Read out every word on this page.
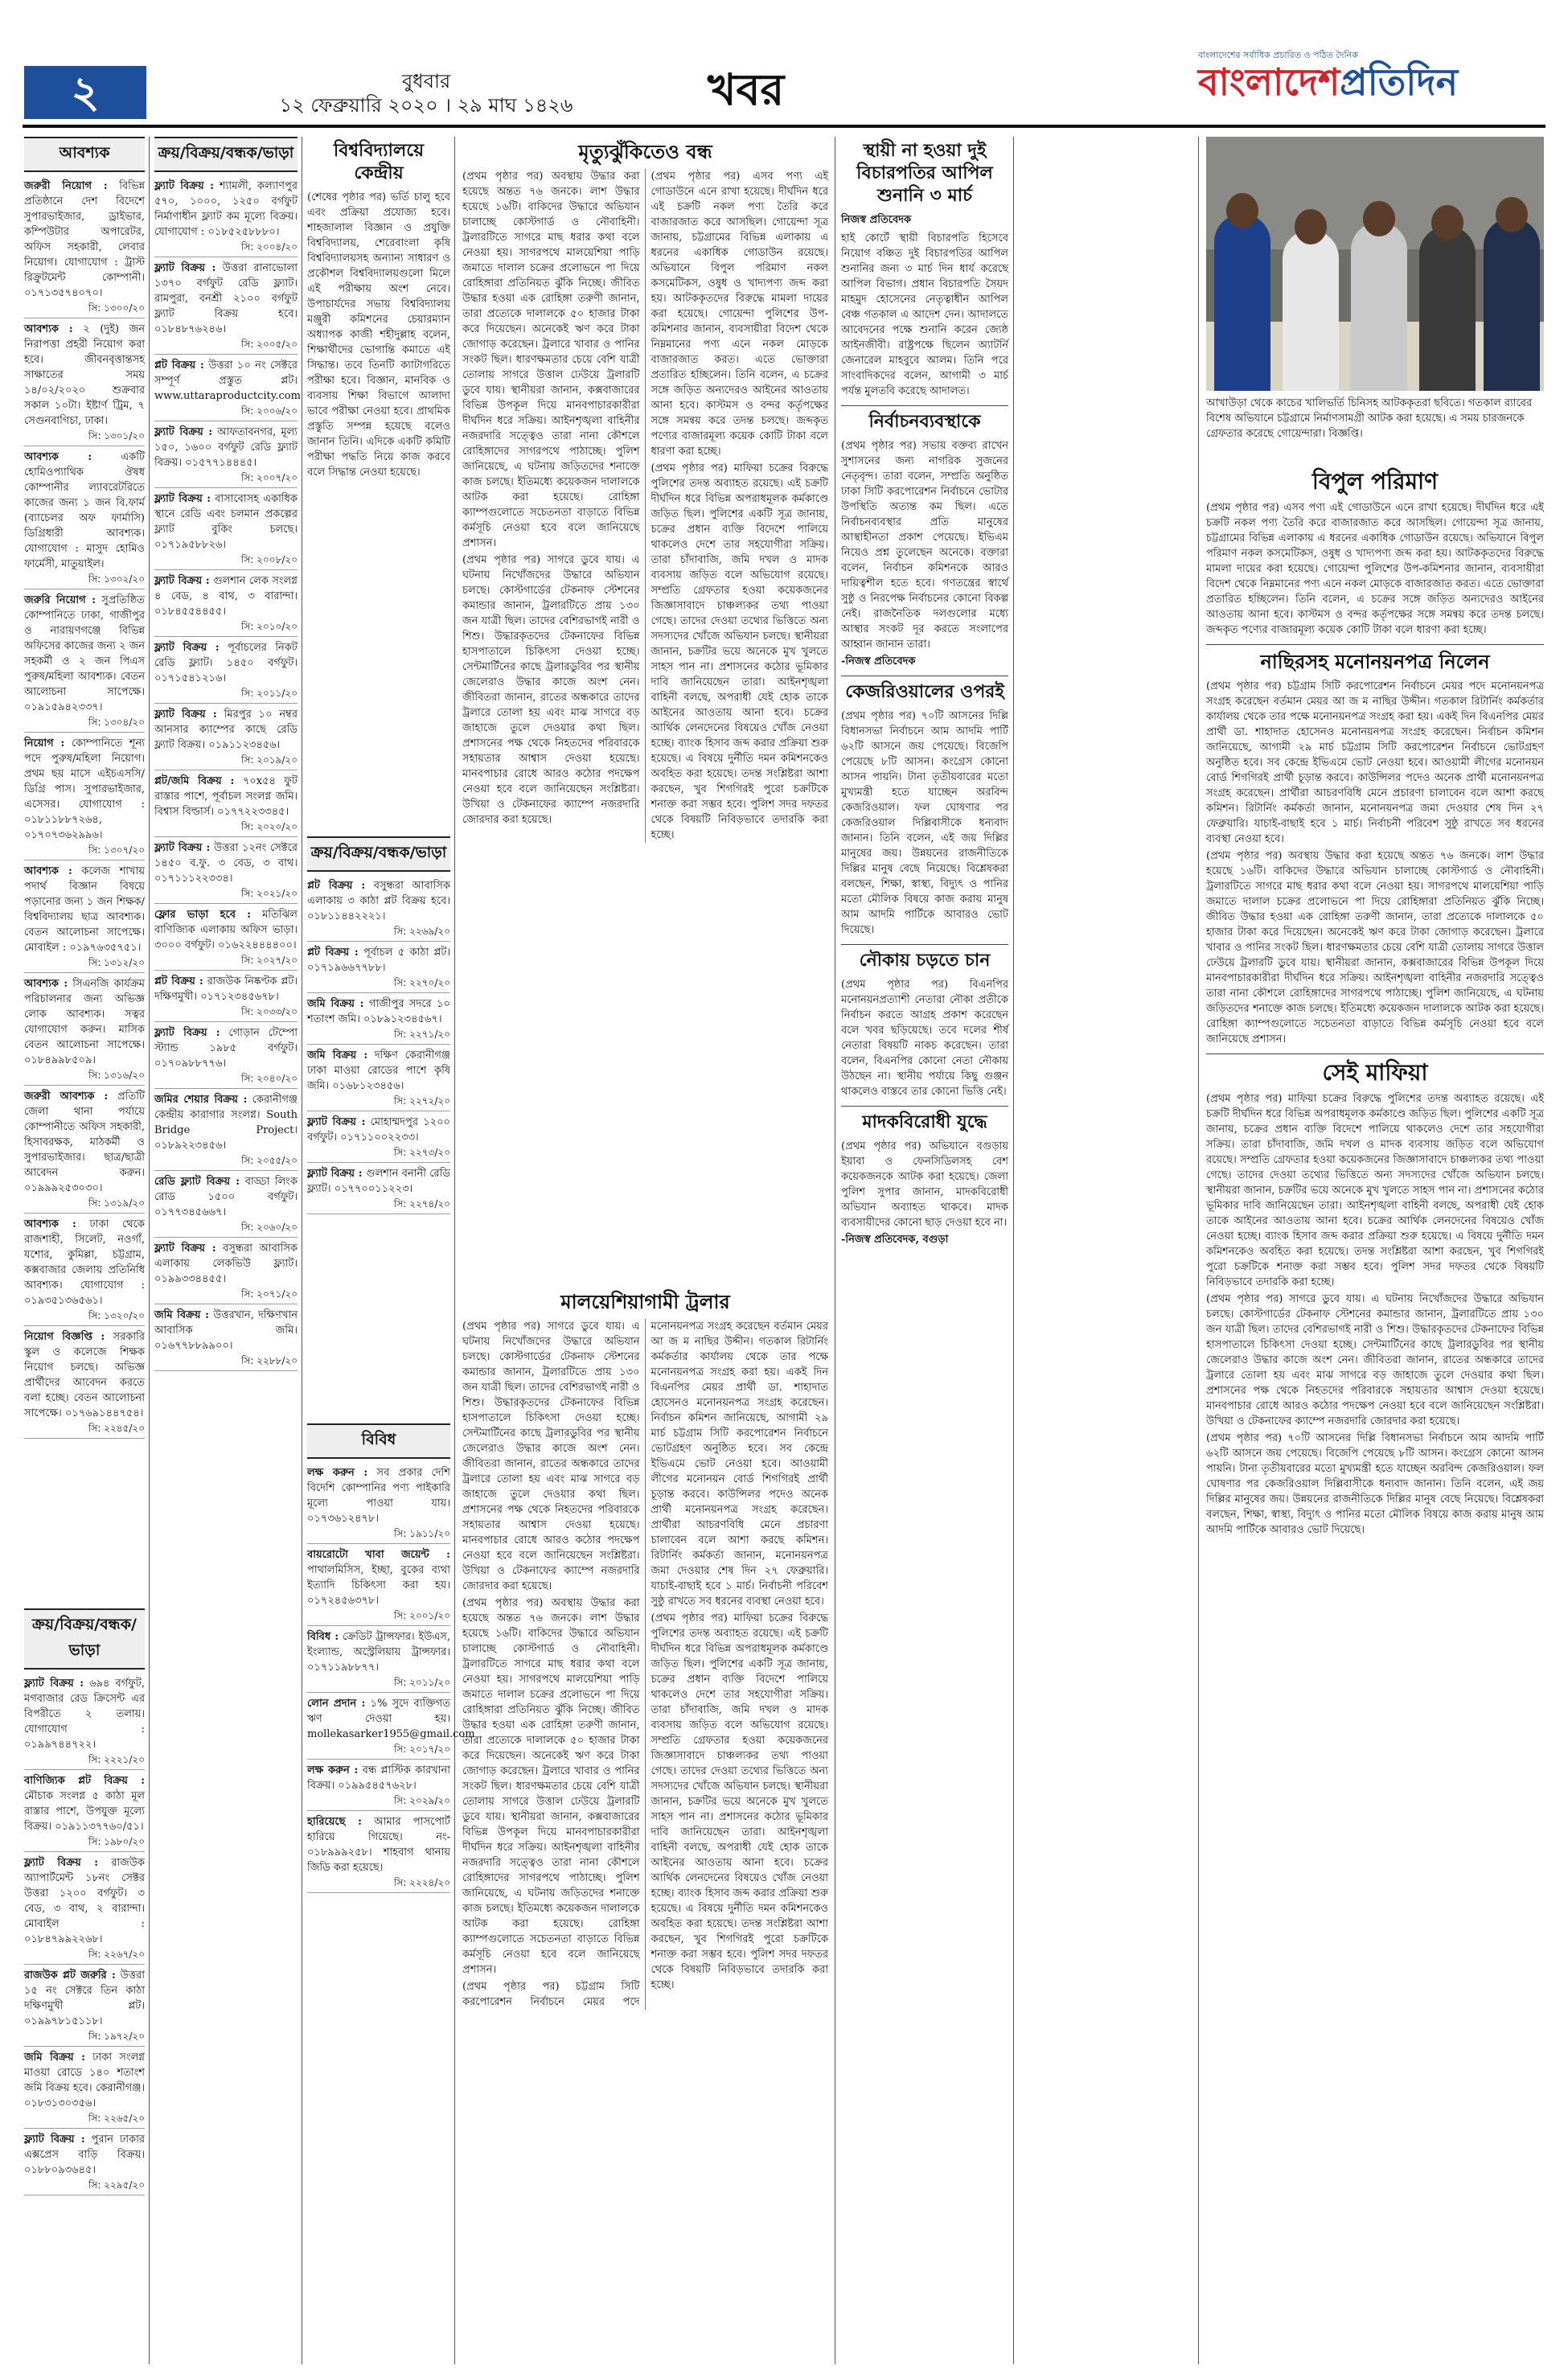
২	বুধবার
১২ ফেব্রুয়ারি ২০২০ । ২৯ মাঘ ১৪২৬	খবর
বাংলাদেশের সর্বাধিক প্রচারিত ও পঠিত দৈনিক
বাংলাদেশপ্রতিদিন
আবশ্যক
জরুরী নিয়োগ : বিভিন্ন প্রতিষ্ঠানে দেশ বিদেশে সুপারভাইজার, ড্রাইভার, কম্পিউটার অপারেটর, অফিস সহকারী, লেবার নিয়োগ। যোগাযোগ : ট্রাস্ট রিক্রুটমেন্ট কোম্পানী। ০১৭১৩৫৭৪০৭০।
সি: ১৩০০/২০
আবশ্যক : ২ (দুই) জন নিরাপত্তা প্রহরী নিয়োগ করা হবে। জীবনবৃত্তান্তসহ সাক্ষাতের সময় ১৪/০২/২০২০ শুক্রবার সকাল ১০টা। ইষ্টার্ণ ট্রিম, ৭ সেগুনবাগিচা, ঢাকা।
সি: ১৩০১/২০
আবশ্যক :	একটি হোমিওপ্যাথিক ঔষধ কোম্পানীর ল্যাবরেটরিতে কাজের জন্য ১ জন বি.ফার্ম (ব্যাচেলর অফ ফার্মাসি) ডিগ্রিধারী আবশ্যক। যোগাযোগ : মাসুদ হোমিও ফার্মেসী, মাতুয়াইল।
সি: ১৩০২/২০
জরুরি নিয়োগ : সুপ্রতিষ্ঠিত কোম্পানিতে ঢাকা, গাজীপুর ও নারায়ণগঞ্জে বিভিন্ন অফিসের কাজের জন্য ২ জন সহকর্মী ও ২ জন পিএস পুরুষ/মহিলা আবশ্যক। বেতন আলোচনা সাপেক্ষে। ০১৯১৫৯৪২৩৩৭।
সি: ১৩০৪/২০
নিয়োগ : কোম্পানিতে শূন্য পদে পুরুষ/মহিলা নিয়োগ। প্রথম ছয় মাসে এইচএসসি/ডিগ্রি পাস। সুপারভাইজার, এসেসর। যোগাযোগ : ০১৮১১৮৮৭২৬৪, ০১৭০৭৩৬২৯৯৬।
সি: ১৩০৭/২০
আবশ্যক : কলেজ শাখায় পদার্থ বিজ্ঞান বিষয়ে পড়ানোর জন্য ১ জন শিক্ষক/বিশ্ববিদ্যালয় ছাত্র আবশ্যক। বেতন আলোচনা সাপেক্ষে। মোবাইল : ০১৯৭৬৩৫৭৫১।
সি: ১৩১২/২০
আবশ্যক : সিএনজি কার্যক্রম পরিচালনার জন্য অভিজ্ঞ লোক আবশ্যক। সত্বর যোগাযোগ করুন। মাসিক বেতন আলোচনা সাপেক্ষে। ০১৮৪৯৯৮৫০৯।
সি: ১৩১৬/২০
জরুরী আবশ্যক : প্রতিটি জেলা থানা পর্যায়ে কোম্পানীতে অফিস সহকারী, হিসাবরক্ষক, মাঠকর্মী ও সুপারভাইজার। ছাত্র/ছাত্রী আবেদন করুন। ০১৯৯৯২৫৩০৩০।
সি: ১৩১৯/২০
আবশ্যক : ঢাকা থেকে রাজশাহী, সিলেট, নওগাঁ, যশোর, কুমিল্লা, চট্টগ্রাম, কক্সবাজার জেলায় প্রতিনিধি আবশ্যক। যোগাযোগ : ০১৯৩৫১৩৬৫৬১।
সি: ১৩২০/২০
নিয়োগ বিজ্ঞপ্তি : সরকারি স্কুল ও কলেজে শিক্ষক নিয়োগ চলছে। অভিজ্ঞ প্রার্থীদের আবেদন করতে বলা হচ্ছে। বেতন আলোচনা সাপেক্ষে। ০১৭৬৯১৪৪৭৫৪।
সি: ২২৪৫/২০
ক্রয়/বিক্রয়/বন্ধক/ভাড়া
ফ্ল্যাট বিক্রয় : ৬৯৪ বর্গফুট, মগবাজার রেড ক্রিসেন্ট এর বিপরীতে ২ তলায়। যোগাযোগ : ০১৯৯৭৪৪৭২২।
সি: ২২২১/২০
বাণিজ্যিক প্লট বিক্রয় : মৌচাক সংলগ্ন ৫ কাঠা মূল রাস্তার পাশে, উপযুক্ত মূল্যে বিক্রয়। ০১৯১১৩৭৭৬০/৫১।
সি: ১৯৮০/২০
ফ্ল্যাট বিক্রয় : রাজউক অ্যাপার্টমেন্ট ১৮নং সেক্টর উত্তরা ১২০০ বর্গফুট। ৩ বেড, ৩ বাথ, ২ বারান্দা। মোবাইল : ০১৮৪৭৯৯২২৬৮।
সি: ২২৬৭/২০
রাজউক প্লট জরুরি : উত্তরা ১৫ নং সেক্টরে তিন কাঠা দক্ষিণমুখী প্লট। ০১৯৯৭৮১৫১১৮।
সি: ১৯৭২/২০
জমি বিক্রয় : ঢাকা সংলগ্ন মাওয়া রোডে ১৪০ শতাংশ জমি বিক্রয় হবে। কেরানীগঞ্জ। ০১৮৩১৩০৩৫৬।
সি: ২২৬৫/২০
ফ্ল্যাট বিক্রয় : পুরান ঢাকার এক্সপ্রেস বাড়ি বিক্রয়। ০১৮৮০৯৩৬৪৫।
সি: ২২৯৫/২০
ক্রয়/বিক্রয়/বন্ধক/ভাড়া
ফ্ল্যাট বিক্রয় : শ্যামলী, কল্যাণপুর ৫৭০, ১০০০, ১২৫০ বর্গফুট নির্মাণাধীন ফ্ল্যাট কম মূল্যে বিক্রয়। যোগাযোগ : ০১৮৫২৫৮৮৮০।
সি: ২০০৪/২০
ফ্ল্যাট বিক্রয় : উত্তরা রানাভোলা ১৩৭০ বর্গফুট রেডি ফ্ল্যাট। রামপুরা, বনশ্রী ২১০০ বর্গফুট ফ্ল্যাট বিক্রয় হবে। ০১৮৪৮৭৬২৪৬।
সি: ২০০৫/২০
প্লট বিক্রয় : উত্তরা ১০ নং সেক্টরে সম্পূর্ণ প্রস্তুত প্লট। www.uttaraproductcity.com
সি: ২০০৬/২০
ফ্ল্যাট বিক্রয় : আফতাবনগর, মূল্য ১৫০, ১৬০০ বর্গফুট রেডি ফ্ল্যাট বিক্রয়। ০১৫৭৭১৪৪৪৫।
সি: ২০০৭/২০
ফ্ল্যাট বিক্রয় : বাসাবোসহ একাধিক স্থানে রেডি এবং চলমান প্রকল্পের ফ্ল্যাট বুকিং চলছে। ০১৭১৯৫৮৮২৬।
সি: ২০০৮/২০
ফ্ল্যাট বিক্রয় : গুলশান লেক সংলগ্ন ৪ বেড, ৪ বাথ, ৩ বারান্দা। ০১৮৪৫৫৪৪৫৫।
সি: ২০১০/২০
ফ্ল্যাট বিক্রয় : পূর্বাচলের নিকট রেডি ফ্ল্যাট। ১৪৫০ বর্গফুট। ০১৭১৫৪১২১৬।
সি: ২০১১/২০
ফ্ল্যাট বিক্রয় : মিরপুর ১০ নম্বর আনসার ক্যাম্পের কাছে রেডি ফ্ল্যাট বিক্রয়। ০১৯১১২৩৪৫৬।
সি: ২০১৯/২০
প্লট/জমি বিক্রয় : ৭০x৫৪ ফুট রাস্তার পাশে, পূর্বাচল সংলগ্ন জমি। বিশ্বাস বিল্ডার্স। ০১৭৭২২৩৩৪৫।
সি: ২০২০/২০
ফ্ল্যাট বিক্রয় : উত্তরা ১২নং সেক্টরে ১৪৫০ ব.ফু. ৩ বেড, ৩ বাথ। ০১৭১১১২২৩৩৪।
সি: ২০২১/২০
ফ্লোর ভাড়া হবে : মতিঝিল বাণিজ্যিক এলাকায় অফিস ভাড়া। ৩০০০ বর্গফুট। ০১৬২২৪৪৪৪০০।
সি: ২০২৭/২০
প্লট বিক্রয় : রাজউক নিষ্কণ্টক প্লট। দক্ষিণমুখী। ০১৭১২৩৪৫৬৭৮।
সি: ২০৩৩/২০
ফ্ল্যাট বিক্রয় : গোড়ান টেম্পো স্ট্যান্ড ১৯৮৫ বর্গফুট। ০১৭০৯৮৮৭৭৬।
সি: ২০৪০/২০
জমির শেয়ার বিক্রয় : কেরানীগঞ্জ কেন্দ্রীয় কারাগার সংলগ্ন। South Bridge Project। ০১৮৯২২৩৪৫৬।
সি: ২০৫৫/২০
রেডি ফ্ল্যাট বিক্রয় : বাড্ডা লিংক রোড ১৫০০ বর্গফুট। ০১৭৭৩৪৫৬৬৭।
সি: ২০৬০/২০
ফ্ল্যাট বিক্রয় : বসুন্ধরা আবাসিক এলাকায় লেকভিউ ফ্ল্যাট। ০১৯৯৩৩৪৪৫৫।
সি: ২০৭১/২০
জমি বিক্রয় : উত্তরখান, দক্ষিণখান আবাসিক জমি। ০১৬৭৭৮৮৯৯০০।
সি: ২২৮৮/২০
বিশ্ববিদ্যালয়ে কেন্দ্রীয়

(শেষের পৃষ্ঠার পর) ভর্তি চালু হবে এবং প্রক্রিয়া প্রযোজ্য হবে। শাহজালাল বিজ্ঞান ও প্রযুক্তি বিশ্ববিদ্যালয়, শেরেবাংলা কৃষি বিশ্ববিদ্যালয়সহ অন্যান্য সাধারণ ও প্রকৌশল বিশ্ববিদ্যালয়গুলো মিলে এই পরীক্ষায় অংশ নেবে। উপাচার্যদের সভায় বিশ্ববিদ্যালয় মঞ্জুরী কমিশনের চেয়ারম্যান অধ্যাপক কাজী শহীদুল্লাহ বলেন, শিক্ষার্থীদের ভোগান্তি কমাতে এই সিদ্ধান্ত। তবে তিনটি ক্যাটাগরিতে পরীক্ষা হবে। বিজ্ঞান, মানবিক ও ব্যবসায় শিক্ষা বিভাগে আলাদা ভাবে পরীক্ষা নেওয়া হবে। প্রাথমিক প্রস্তুতি সম্পন্ন হয়েছে বলেও জানান তিনি। এদিকে একটি কমিটি পরীক্ষা পদ্ধতি নিয়ে কাজ করবে বলে সিদ্ধান্ত নেওয়া হয়েছে।

ক্রয়/বিক্রয়/বন্ধক/ভাড়া
প্লট বিক্রয় : বসুন্ধরা আবাসিক এলাকায় ৩ কাঠা প্লট বিক্রয় হবে। ০১৮১১৪৪২২২১।
সি: ২২৬৯/২০
প্লট বিক্রয় : পূর্বাচল ৫ কাঠা প্লট। ০১৭১৯৬৬৭৭৮৮।
সি: ২২৭০/২০
জমি বিক্রয় : গাজীপুর সদরে ১০ শতাংশ জমি। ০১৮৯১২৩৪৫৬৭।
সি: ২২৭১/২০
জমি বিক্রয় : দক্ষিণ কেরানীগঞ্জ ঢাকা মাওয়া রোডের পাশে কৃষি জমি। ০১৬৮১২৩৪৫৬।
সি: ২২৭২/২০
ফ্ল্যাট বিক্রয় : মোহাম্মদপুর ১২০০ বর্গফুট। ০১৭১১০০২২৩৩।
সি: ২২৭৩/২০
ফ্ল্যাট বিক্রয় : গুলশান বনানী রেডি ফ্ল্যাট। ০১৭৭০০১১২২৩।
সি: ২২৭৪/২০
বিবিধ
লক্ষ করুন : সব প্রকার দেশি বিদেশি কোম্পানির পণ্য পাইকারি মূল্যে পাওয়া যায়। ০১৭৩৬১২৪৭৮।
সি: ১৯১১/২০
বায়রোটো খাবা জয়েন্ট : পাথালমিসিস, ইচ্ছা, বুকের ব্যথা ইত্যাদি চিকিৎসা করা হয়। ০১৭২৪৫৬৩৭৮।
সি: ২০০১/২০
বিবিধ : ক্রেডিট ট্রান্সফার। ইউএস, ইংল্যান্ড, অস্ট্রেলিয়ায় ট্রান্সফার। ০১৭১১৯৮৮৭৭।
সি: ২০১১/২০
লোন প্রদান : ১% সুদে ব্যক্তিগত ঋণ দেওয়া হয়। mollekasarker1955@gmail.com
সি: ২০১৭/২০
লক্ষ করুন : বন্ধ প্লাস্টিক কারখানা বিক্রয়। ০১৯৯৫৪৫৭৬২৮।
সি: ২০২৯/২০
হারিয়েছে : আমার পাসপোর্ট হারিয়ে গিয়েছে। নং- ০১৮৯৯৯২৫৮। শাহবাগ থানায় জিডি করা হয়েছে।
সি: ২২২৪/২০
মৃত্যুঝুঁকিতেও বন্ধ

(প্রথম পৃষ্ঠার পর) অবস্থায় উদ্ধার করা হয়েছে অন্তত ৭৬ জনকে। লাশ উদ্ধার হয়েছে ১৬টি। বাকিদের উদ্ধারে অভিযান চালাচ্ছে কোস্টগার্ড ও নৌবাহিনী। ট্রলারটিতে সাগরে মাছ ধরার কথা বলে নেওয়া হয়। সাগরপথে মালয়েশিয়া পাড়ি জমাতে দালাল চক্রের প্রলোভনে পা দিয়ে রোহিঙ্গারা প্রতিনিয়ত ঝুঁকি নিচ্ছে। জীবিত উদ্ধার হওয়া এক রোহিঙ্গা তরুণী জানান, তারা প্রত্যেকে দালালকে ৫০ হাজার টাকা করে দিয়েছেন। অনেকেই ঋণ করে টাকা জোগাড় করেছেন। ট্রলারে খাবার ও পানির সংকট ছিল। ধারণক্ষমতার চেয়ে বেশি যাত্রী তোলায় সাগরে উত্তাল ঢেউয়ে ট্রলারটি ডুবে যায়। স্থানীয়রা জানান, কক্সবাজারের বিভিন্ন উপকূল দিয়ে মানবপাচারকারীরা দীর্ঘদিন ধরে সক্রিয়। আইনশৃঙ্খলা বাহিনীর নজরদারি সত্ত্বেও তারা নানা কৌশলে রোহিঙ্গাদের সাগরপথে পাঠাচ্ছে। পুলিশ জানিয়েছে, এ ঘটনায় জড়িতদের শনাক্তে কাজ চলছে। ইতিমধ্যে কয়েকজন দালালকে আটক করা হয়েছে। রোহিঙ্গা ক্যাম্পগুলোতে সচেতনতা বাড়াতে বিভিন্ন কর্মসূচি নেওয়া হবে বলে জানিয়েছে প্রশাসন।

(প্রথম পৃষ্ঠার পর) সাগরে ডুবে যায়। এ ঘটনায় নিখোঁজদের উদ্ধারে অভিযান চলছে। কোস্টগার্ডের টেকনাফ স্টেশনের কমান্ডার জানান, ট্রলারটিতে প্রায় ১৩০ জন যাত্রী ছিল। তাদের বেশিরভাগই নারী ও শিশু। উদ্ধারকৃতদের টেকনাফের বিভিন্ন হাসপাতালে চিকিৎসা দেওয়া হচ্ছে। সেন্টমার্টিনের কাছে ট্রলারডুবির পর স্থানীয় জেলেরাও উদ্ধার কাজে অংশ নেন। জীবিতরা জানান, রাতের অন্ধকারে তাদের ট্রলারে তোলা হয় এবং মাঝ সাগরে বড় জাহাজে তুলে দেওয়ার কথা ছিল। প্রশাসনের পক্ষ থেকে নিহতদের পরিবারকে সহায়তার আশ্বাস দেওয়া হয়েছে। মানবপাচার রোধে আরও কঠোর পদক্ষেপ নেওয়া হবে বলে জানিয়েছেন সংশ্লিষ্টরা। উখিয়া ও টেকনাফের ক্যাম্পে নজরদারি জোরদার করা হয়েছে।

(প্রথম পৃষ্ঠার পর) এসব পণ্য এই গোডাউনে এনে রাখা হয়েছে। দীর্ঘদিন ধরে এই চক্রটি নকল পণ্য তৈরি করে বাজারজাত করে আসছিল। গোয়েন্দা সূত্র জানায়, চট্টগ্রামের বিভিন্ন এলাকায় এ ধরনের একাধিক গোডাউন রয়েছে। অভিযানে বিপুল পরিমাণ নকল কসমেটিকস, ওষুধ ও খাদ্যপণ্য জব্দ করা হয়। আটককৃতদের বিরুদ্ধে মামলা দায়ের করা হয়েছে। গোয়েন্দা পুলিশের উপ-কমিশনার জানান, ব্যবসায়ীরা বিদেশ থেকে নিম্নমানের পণ্য এনে নকল মোড়কে বাজারজাত করত। এতে ভোক্তারা প্রতারিত হচ্ছিলেন। তিনি বলেন, এ চক্রের সঙ্গে জড়িত অন্যদেরও আইনের আওতায় আনা হবে। কাস্টমস ও বন্দর কর্তৃপক্ষের সঙ্গে সমন্বয় করে তদন্ত চলছে। জব্দকৃত পণ্যের বাজারমূল্য কয়েক কোটি টাকা বলে ধারণা করা হচ্ছে।

(প্রথম পৃষ্ঠার পর) মাফিয়া চক্রের বিরুদ্ধে পুলিশের তদন্ত অব্যাহত রয়েছে। এই চক্রটি দীর্ঘদিন ধরে বিভিন্ন অপরাধমূলক কর্মকাণ্ডে জড়িত ছিল। পুলিশের একটি সূত্র জানায়, চক্রের প্রধান ব্যক্তি বিদেশে পালিয়ে থাকলেও দেশে তার সহযোগীরা সক্রিয়। তারা চাঁদাবাজি, জমি দখল ও মাদক ব্যবসায় জড়িত বলে অভিযোগ রয়েছে। সম্প্রতি গ্রেফতার হওয়া কয়েকজনের জিজ্ঞাসাবাদে চাঞ্চল্যকর তথ্য পাওয়া গেছে। তাদের দেওয়া তথ্যের ভিত্তিতে অন্য সদস্যদের খোঁজে অভিযান চলছে। স্থানীয়রা জানান, চক্রটির ভয়ে অনেকে মুখ খুলতে সাহস পান না। প্রশাসনের কঠোর ভূমিকার দাবি জানিয়েছেন তারা। আইনশৃঙ্খলা বাহিনী বলছে, অপরাধী যেই হোক তাকে আইনের আওতায় আনা হবে। চক্রের আর্থিক লেনদেনের বিষয়েও খোঁজ নেওয়া হচ্ছে। ব্যাংক হিসাব জব্দ করার প্রক্রিয়া শুরু হয়েছে। এ বিষয়ে দুর্নীতি দমন কমিশনকেও অবহিত করা হয়েছে। তদন্ত সংশ্লিষ্টরা আশা করছেন, খুব শিগগিরই পুরো চক্রটিকে শনাক্ত করা সম্ভব হবে। পুলিশ সদর দফতর থেকে বিষয়টি নিবিড়ভাবে তদারকি করা হচ্ছে।

মালয়েশিয়াগামী ট্রলার

(প্রথম পৃষ্ঠার পর) সাগরে ডুবে যায়। এ ঘটনায় নিখোঁজদের উদ্ধারে অভিযান চলছে। কোস্টগার্ডের টেকনাফ স্টেশনের কমান্ডার জানান, ট্রলারটিতে প্রায় ১৩০ জন যাত্রী ছিল। তাদের বেশিরভাগই নারী ও শিশু। উদ্ধারকৃতদের টেকনাফের বিভিন্ন হাসপাতালে চিকিৎসা দেওয়া হচ্ছে। সেন্টমার্টিনের কাছে ট্রলারডুবির পর স্থানীয় জেলেরাও উদ্ধার কাজে অংশ নেন। জীবিতরা জানান, রাতের অন্ধকারে তাদের ট্রলারে তোলা হয় এবং মাঝ সাগরে বড় জাহাজে তুলে দেওয়ার কথা ছিল। প্রশাসনের পক্ষ থেকে নিহতদের পরিবারকে সহায়তার আশ্বাস দেওয়া হয়েছে। মানবপাচার রোধে আরও কঠোর পদক্ষেপ নেওয়া হবে বলে জানিয়েছেন সংশ্লিষ্টরা। উখিয়া ও টেকনাফের ক্যাম্পে নজরদারি জোরদার করা হয়েছে।

(প্রথম পৃষ্ঠার পর) অবস্থায় উদ্ধার করা হয়েছে অন্তত ৭৬ জনকে। লাশ উদ্ধার হয়েছে ১৬টি। বাকিদের উদ্ধারে অভিযান চালাচ্ছে কোস্টগার্ড ও নৌবাহিনী। ট্রলারটিতে সাগরে মাছ ধরার কথা বলে নেওয়া হয়। সাগরপথে মালয়েশিয়া পাড়ি জমাতে দালাল চক্রের প্রলোভনে পা দিয়ে রোহিঙ্গারা প্রতিনিয়ত ঝুঁকি নিচ্ছে। জীবিত উদ্ধার হওয়া এক রোহিঙ্গা তরুণী জানান, তারা প্রত্যেকে দালালকে ৫০ হাজার টাকা করে দিয়েছেন। অনেকেই ঋণ করে টাকা জোগাড় করেছেন। ট্রলারে খাবার ও পানির সংকট ছিল। ধারণক্ষমতার চেয়ে বেশি যাত্রী তোলায় সাগরে উত্তাল ঢেউয়ে ট্রলারটি ডুবে যায়। স্থানীয়রা জানান, কক্সবাজারের বিভিন্ন উপকূল দিয়ে মানবপাচারকারীরা দীর্ঘদিন ধরে সক্রিয়। আইনশৃঙ্খলা বাহিনীর নজরদারি সত্ত্বেও তারা নানা কৌশলে রোহিঙ্গাদের সাগরপথে পাঠাচ্ছে। পুলিশ জানিয়েছে, এ ঘটনায় জড়িতদের শনাক্তে কাজ চলছে। ইতিমধ্যে কয়েকজন দালালকে আটক করা হয়েছে। রোহিঙ্গা ক্যাম্পগুলোতে সচেতনতা বাড়াতে বিভিন্ন কর্মসূচি নেওয়া হবে বলে জানিয়েছে প্রশাসন।

(প্রথম পৃষ্ঠার পর) চট্টগ্রাম সিটি করপোরেশন নির্বাচনে মেয়র পদে মনোনয়নপত্র সংগ্রহ করেছেন বর্তমান মেয়র আ জ ম নাছির উদ্দীন। গতকাল রিটার্নিং কর্মকর্তার কার্যালয় থেকে তার পক্ষে মনোনয়নপত্র সংগ্রহ করা হয়। একই দিন বিএনপির মেয়র প্রার্থী ডা. শাহাদাত হোসেনও মনোনয়নপত্র সংগ্রহ করেছেন। নির্বাচন কমিশন জানিয়েছে, আগামী ২৯ মার্চ চট্টগ্রাম সিটি করপোরেশন নির্বাচনে ভোটগ্রহণ অনুষ্ঠিত হবে। সব কেন্দ্রে ইভিএমে ভোট নেওয়া হবে। আওয়ামী লীগের মনোনয়ন বোর্ড শিগগিরই প্রার্থী চূড়ান্ত করবে। কাউন্সিলর পদেও অনেক প্রার্থী মনোনয়নপত্র সংগ্রহ করেছেন। প্রার্থীরা আচরণবিধি মেনে প্রচারণা চালাবেন বলে আশা করছে কমিশন। রিটার্নিং কর্মকর্তা জানান, মনোনয়নপত্র জমা দেওয়ার শেষ দিন ২৭ ফেব্রুয়ারি। যাচাই-বাছাই হবে ১ মার্চ। নির্বাচনী পরিবেশ সুষ্ঠু রাখতে সব ধরনের ব্যবস্থা নেওয়া হবে।

(প্রথম পৃষ্ঠার পর) মাফিয়া চক্রের বিরুদ্ধে পুলিশের তদন্ত অব্যাহত রয়েছে। এই চক্রটি দীর্ঘদিন ধরে বিভিন্ন অপরাধমূলক কর্মকাণ্ডে জড়িত ছিল। পুলিশের একটি সূত্র জানায়, চক্রের প্রধান ব্যক্তি বিদেশে পালিয়ে থাকলেও দেশে তার সহযোগীরা সক্রিয়। তারা চাঁদাবাজি, জমি দখল ও মাদক ব্যবসায় জড়িত বলে অভিযোগ রয়েছে। সম্প্রতি গ্রেফতার হওয়া কয়েকজনের জিজ্ঞাসাবাদে চাঞ্চল্যকর তথ্য পাওয়া গেছে। তাদের দেওয়া তথ্যের ভিত্তিতে অন্য সদস্যদের খোঁজে অভিযান চলছে। স্থানীয়রা জানান, চক্রটির ভয়ে অনেকে মুখ খুলতে সাহস পান না। প্রশাসনের কঠোর ভূমিকার দাবি জানিয়েছেন তারা। আইনশৃঙ্খলা বাহিনী বলছে, অপরাধী যেই হোক তাকে আইনের আওতায় আনা হবে। চক্রের আর্থিক লেনদেনের বিষয়েও খোঁজ নেওয়া হচ্ছে। ব্যাংক হিসাব জব্দ করার প্রক্রিয়া শুরু হয়েছে। এ বিষয়ে দুর্নীতি দমন কমিশনকেও অবহিত করা হয়েছে। তদন্ত সংশ্লিষ্টরা আশা করছেন, খুব শিগগিরই পুরো চক্রটিকে শনাক্ত করা সম্ভব হবে। পুলিশ সদর দফতর থেকে বিষয়টি নিবিড়ভাবে তদারকি করা হচ্ছে।

স্থায়ী না হওয়া দুই বিচারপতির আপিল শুনানি ৩ মার্চ
নিজস্ব প্রতিবেদক

হাই কোর্টে স্থায়ী বিচারপতি হিসেবে নিয়োগ বঞ্চিত দুই বিচারপতির আপিল শুনানির জন্য ৩ মার্চ দিন ধার্য করেছে আপিল বিভাগ। প্রধান বিচারপতি সৈয়দ মাহমুদ হোসেনের নেতৃত্বাধীন আপিল বেঞ্চ গতকাল এ আদেশ দেন। আদালতে আবেদনের পক্ষে শুনানি করেন জ্যেষ্ঠ আইনজীবী। রাষ্ট্রপক্ষে ছিলেন অ্যাটর্নি জেনারেল মাহবুবে আলম। তিনি পরে সাংবাদিকদের বলেন, আগামী ৩ মার্চ পর্যন্ত মুলতবি করেছে আদালত।

নির্বাচনব্যবস্থাকে

(প্রথম পৃষ্ঠার পর) সভায় বক্তব্য রাখেন সুশাসনের জন্য নাগরিক সুজনের নেতৃবৃন্দ। তারা বলেন, সম্প্রতি অনুষ্ঠিত ঢাকা সিটি করপোরেশন নির্বাচনে ভোটার উপস্থিতি অত্যন্ত কম ছিল। এতে নির্বাচনব্যবস্থার প্রতি মানুষের আস্থাহীনতা প্রকাশ পেয়েছে। ইভিএম নিয়েও প্রশ্ন তুলেছেন অনেকে। বক্তারা বলেন, নির্বাচন কমিশনকে আরও দায়িত্বশীল হতে হবে। গণতন্ত্রের স্বার্থে সুষ্ঠু ও নিরপেক্ষ নির্বাচনের কোনো বিকল্প নেই। রাজনৈতিক দলগুলোর মধ্যে আস্থার সংকট দূর করতে সংলাপের আহ্বান জানান তারা।

-নিজস্ব প্রতিবেদক

কেজরিওয়ালের ওপরই

(প্রথম পৃষ্ঠার পর) ৭০টি আসনের দিল্লি বিধানসভা নির্বাচনে আম আদমি পার্টি ৬২টি আসনে জয় পেয়েছে। বিজেপি পেয়েছে ৮টি আসন। কংগ্রেস কোনো আসন পায়নি। টানা তৃতীয়বারের মতো মুখ্যমন্ত্রী হতে যাচ্ছেন অরবিন্দ কেজরিওয়াল। ফল ঘোষণার পর কেজরিওয়াল দিল্লিবাসীকে ধন্যবাদ জানান। তিনি বলেন, এই জয় দিল্লির মানুষের জয়। উন্নয়নের রাজনীতিকে দিল্লির মানুষ বেছে নিয়েছে। বিশ্লেষকরা বলছেন, শিক্ষা, স্বাস্থ্য, বিদ্যুৎ ও পানির মতো মৌলিক বিষয়ে কাজ করায় মানুষ আম আদমি পার্টিকে আবারও ভোট দিয়েছে।

নৌকায় চড়তে চান

(প্রথম পৃষ্ঠার পর) বিএনপির মনোনয়নপ্রত্যাশী নেতারা নৌকা প্রতীকে নির্বাচন করতে আগ্রহ প্রকাশ করেছেন বলে খবর ছড়িয়েছে। তবে দলের শীর্ষ নেতারা বিষয়টি নাকচ করেছেন। তারা বলেন, বিএনপির কোনো নেতা নৌকায় উঠছেন না। স্থানীয় পর্যায়ে কিছু গুঞ্জন থাকলেও বাস্তবে তার কোনো ভিত্তি নেই।

মাদকবিরোধী যুদ্ধে

(প্রথম পৃষ্ঠার পর) অভিযানে বগুড়ায় ইয়াবা ও ফেনসিডিলসহ বেশ কয়েকজনকে আটক করা হয়েছে। জেলা পুলিশ সুপার জানান, মাদকবিরোধী অভিযান অব্যাহত থাকবে। মাদক ব্যবসায়ীদের কোনো ছাড় দেওয়া হবে না।

-নিজস্ব প্রতিবেদক, বগুড়া

আখাউড়া থেকে কাচের খালিভর্তি চিনিসহ আটককৃতরা ছবিতে। গতকাল র‌্যাবের বিশেষ অভিযানে চট্টগ্রামে নির্মাণসামগ্রী আটক করা হয়েছে। এ সময় চারজনকে গ্রেফতার করেছে গোয়েন্দারা। বিজ্ঞপ্তি।
বিপুল পরিমাণ

(প্রথম পৃষ্ঠার পর) এসব পণ্য এই গোডাউনে এনে রাখা হয়েছে। দীর্ঘদিন ধরে এই চক্রটি নকল পণ্য তৈরি করে বাজারজাত করে আসছিল। গোয়েন্দা সূত্র জানায়, চট্টগ্রামের বিভিন্ন এলাকায় এ ধরনের একাধিক গোডাউন রয়েছে। অভিযানে বিপুল পরিমাণ নকল কসমেটিকস, ওষুধ ও খাদ্যপণ্য জব্দ করা হয়। আটককৃতদের বিরুদ্ধে মামলা দায়ের করা হয়েছে। গোয়েন্দা পুলিশের উপ-কমিশনার জানান, ব্যবসায়ীরা বিদেশ থেকে নিম্নমানের পণ্য এনে নকল মোড়কে বাজারজাত করত। এতে ভোক্তারা প্রতারিত হচ্ছিলেন। তিনি বলেন, এ চক্রের সঙ্গে জড়িত অন্যদেরও আইনের আওতায় আনা হবে। কাস্টমস ও বন্দর কর্তৃপক্ষের সঙ্গে সমন্বয় করে তদন্ত চলছে। জব্দকৃত পণ্যের বাজারমূল্য কয়েক কোটি টাকা বলে ধারণা করা হচ্ছে।

নাছিরসহ মনোনয়নপত্র নিলেন

(প্রথম পৃষ্ঠার পর) চট্টগ্রাম সিটি করপোরেশন নির্বাচনে মেয়র পদে মনোনয়নপত্র সংগ্রহ করেছেন বর্তমান মেয়র আ জ ম নাছির উদ্দীন। গতকাল রিটার্নিং কর্মকর্তার কার্যালয় থেকে তার পক্ষে মনোনয়নপত্র সংগ্রহ করা হয়। একই দিন বিএনপির মেয়র প্রার্থী ডা. শাহাদাত হোসেনও মনোনয়নপত্র সংগ্রহ করেছেন। নির্বাচন কমিশন জানিয়েছে, আগামী ২৯ মার্চ চট্টগ্রাম সিটি করপোরেশন নির্বাচনে ভোটগ্রহণ অনুষ্ঠিত হবে। সব কেন্দ্রে ইভিএমে ভোট নেওয়া হবে। আওয়ামী লীগের মনোনয়ন বোর্ড শিগগিরই প্রার্থী চূড়ান্ত করবে। কাউন্সিলর পদেও অনেক প্রার্থী মনোনয়নপত্র সংগ্রহ করেছেন। প্রার্থীরা আচরণবিধি মেনে প্রচারণা চালাবেন বলে আশা করছে কমিশন। রিটার্নিং কর্মকর্তা জানান, মনোনয়নপত্র জমা দেওয়ার শেষ দিন ২৭ ফেব্রুয়ারি। যাচাই-বাছাই হবে ১ মার্চ। নির্বাচনী পরিবেশ সুষ্ঠু রাখতে সব ধরনের ব্যবস্থা নেওয়া হবে।

(প্রথম পৃষ্ঠার পর) অবস্থায় উদ্ধার করা হয়েছে অন্তত ৭৬ জনকে। লাশ উদ্ধার হয়েছে ১৬টি। বাকিদের উদ্ধারে অভিযান চালাচ্ছে কোস্টগার্ড ও নৌবাহিনী। ট্রলারটিতে সাগরে মাছ ধরার কথা বলে নেওয়া হয়। সাগরপথে মালয়েশিয়া পাড়ি জমাতে দালাল চক্রের প্রলোভনে পা দিয়ে রোহিঙ্গারা প্রতিনিয়ত ঝুঁকি নিচ্ছে। জীবিত উদ্ধার হওয়া এক রোহিঙ্গা তরুণী জানান, তারা প্রত্যেকে দালালকে ৫০ হাজার টাকা করে দিয়েছেন। অনেকেই ঋণ করে টাকা জোগাড় করেছেন। ট্রলারে খাবার ও পানির সংকট ছিল। ধারণক্ষমতার চেয়ে বেশি যাত্রী তোলায় সাগরে উত্তাল ঢেউয়ে ট্রলারটি ডুবে যায়। স্থানীয়রা জানান, কক্সবাজারের বিভিন্ন উপকূল দিয়ে মানবপাচারকারীরা দীর্ঘদিন ধরে সক্রিয়। আইনশৃঙ্খলা বাহিনীর নজরদারি সত্ত্বেও তারা নানা কৌশলে রোহিঙ্গাদের সাগরপথে পাঠাচ্ছে। পুলিশ জানিয়েছে, এ ঘটনায় জড়িতদের শনাক্তে কাজ চলছে। ইতিমধ্যে কয়েকজন দালালকে আটক করা হয়েছে। রোহিঙ্গা ক্যাম্পগুলোতে সচেতনতা বাড়াতে বিভিন্ন কর্মসূচি নেওয়া হবে বলে জানিয়েছে প্রশাসন।

সেই মাফিয়া

(প্রথম পৃষ্ঠার পর) মাফিয়া চক্রের বিরুদ্ধে পুলিশের তদন্ত অব্যাহত রয়েছে। এই চক্রটি দীর্ঘদিন ধরে বিভিন্ন অপরাধমূলক কর্মকাণ্ডে জড়িত ছিল। পুলিশের একটি সূত্র জানায়, চক্রের প্রধান ব্যক্তি বিদেশে পালিয়ে থাকলেও দেশে তার সহযোগীরা সক্রিয়। তারা চাঁদাবাজি, জমি দখল ও মাদক ব্যবসায় জড়িত বলে অভিযোগ রয়েছে। সম্প্রতি গ্রেফতার হওয়া কয়েকজনের জিজ্ঞাসাবাদে চাঞ্চল্যকর তথ্য পাওয়া গেছে। তাদের দেওয়া তথ্যের ভিত্তিতে অন্য সদস্যদের খোঁজে অভিযান চলছে। স্থানীয়রা জানান, চক্রটির ভয়ে অনেকে মুখ খুলতে সাহস পান না। প্রশাসনের কঠোর ভূমিকার দাবি জানিয়েছেন তারা। আইনশৃঙ্খলা বাহিনী বলছে, অপরাধী যেই হোক তাকে আইনের আওতায় আনা হবে। চক্রের আর্থিক লেনদেনের বিষয়েও খোঁজ নেওয়া হচ্ছে। ব্যাংক হিসাব জব্দ করার প্রক্রিয়া শুরু হয়েছে। এ বিষয়ে দুর্নীতি দমন কমিশনকেও অবহিত করা হয়েছে। তদন্ত সংশ্লিষ্টরা আশা করছেন, খুব শিগগিরই পুরো চক্রটিকে শনাক্ত করা সম্ভব হবে। পুলিশ সদর দফতর থেকে বিষয়টি নিবিড়ভাবে তদারকি করা হচ্ছে।

(প্রথম পৃষ্ঠার পর) সাগরে ডুবে যায়। এ ঘটনায় নিখোঁজদের উদ্ধারে অভিযান চলছে। কোস্টগার্ডের টেকনাফ স্টেশনের কমান্ডার জানান, ট্রলারটিতে প্রায় ১৩০ জন যাত্রী ছিল। তাদের বেশিরভাগই নারী ও শিশু। উদ্ধারকৃতদের টেকনাফের বিভিন্ন হাসপাতালে চিকিৎসা দেওয়া হচ্ছে। সেন্টমার্টিনের কাছে ট্রলারডুবির পর স্থানীয় জেলেরাও উদ্ধার কাজে অংশ নেন। জীবিতরা জানান, রাতের অন্ধকারে তাদের ট্রলারে তোলা হয় এবং মাঝ সাগরে বড় জাহাজে তুলে দেওয়ার কথা ছিল। প্রশাসনের পক্ষ থেকে নিহতদের পরিবারকে সহায়তার আশ্বাস দেওয়া হয়েছে। মানবপাচার রোধে আরও কঠোর পদক্ষেপ নেওয়া হবে বলে জানিয়েছেন সংশ্লিষ্টরা। উখিয়া ও টেকনাফের ক্যাম্পে নজরদারি জোরদার করা হয়েছে।

(প্রথম পৃষ্ঠার পর) ৭০টি আসনের দিল্লি বিধানসভা নির্বাচনে আম আদমি পার্টি ৬২টি আসনে জয় পেয়েছে। বিজেপি পেয়েছে ৮টি আসন। কংগ্রেস কোনো আসন পায়নি। টানা তৃতীয়বারের মতো মুখ্যমন্ত্রী হতে যাচ্ছেন অরবিন্দ কেজরিওয়াল। ফল ঘোষণার পর কেজরিওয়াল দিল্লিবাসীকে ধন্যবাদ জানান। তিনি বলেন, এই জয় দিল্লির মানুষের জয়। উন্নয়নের রাজনীতিকে দিল্লির মানুষ বেছে নিয়েছে। বিশ্লেষকরা বলছেন, শিক্ষা, স্বাস্থ্য, বিদ্যুৎ ও পানির মতো মৌলিক বিষয়ে কাজ করায় মানুষ আম আদমি পার্টিকে আবারও ভোট দিয়েছে।
